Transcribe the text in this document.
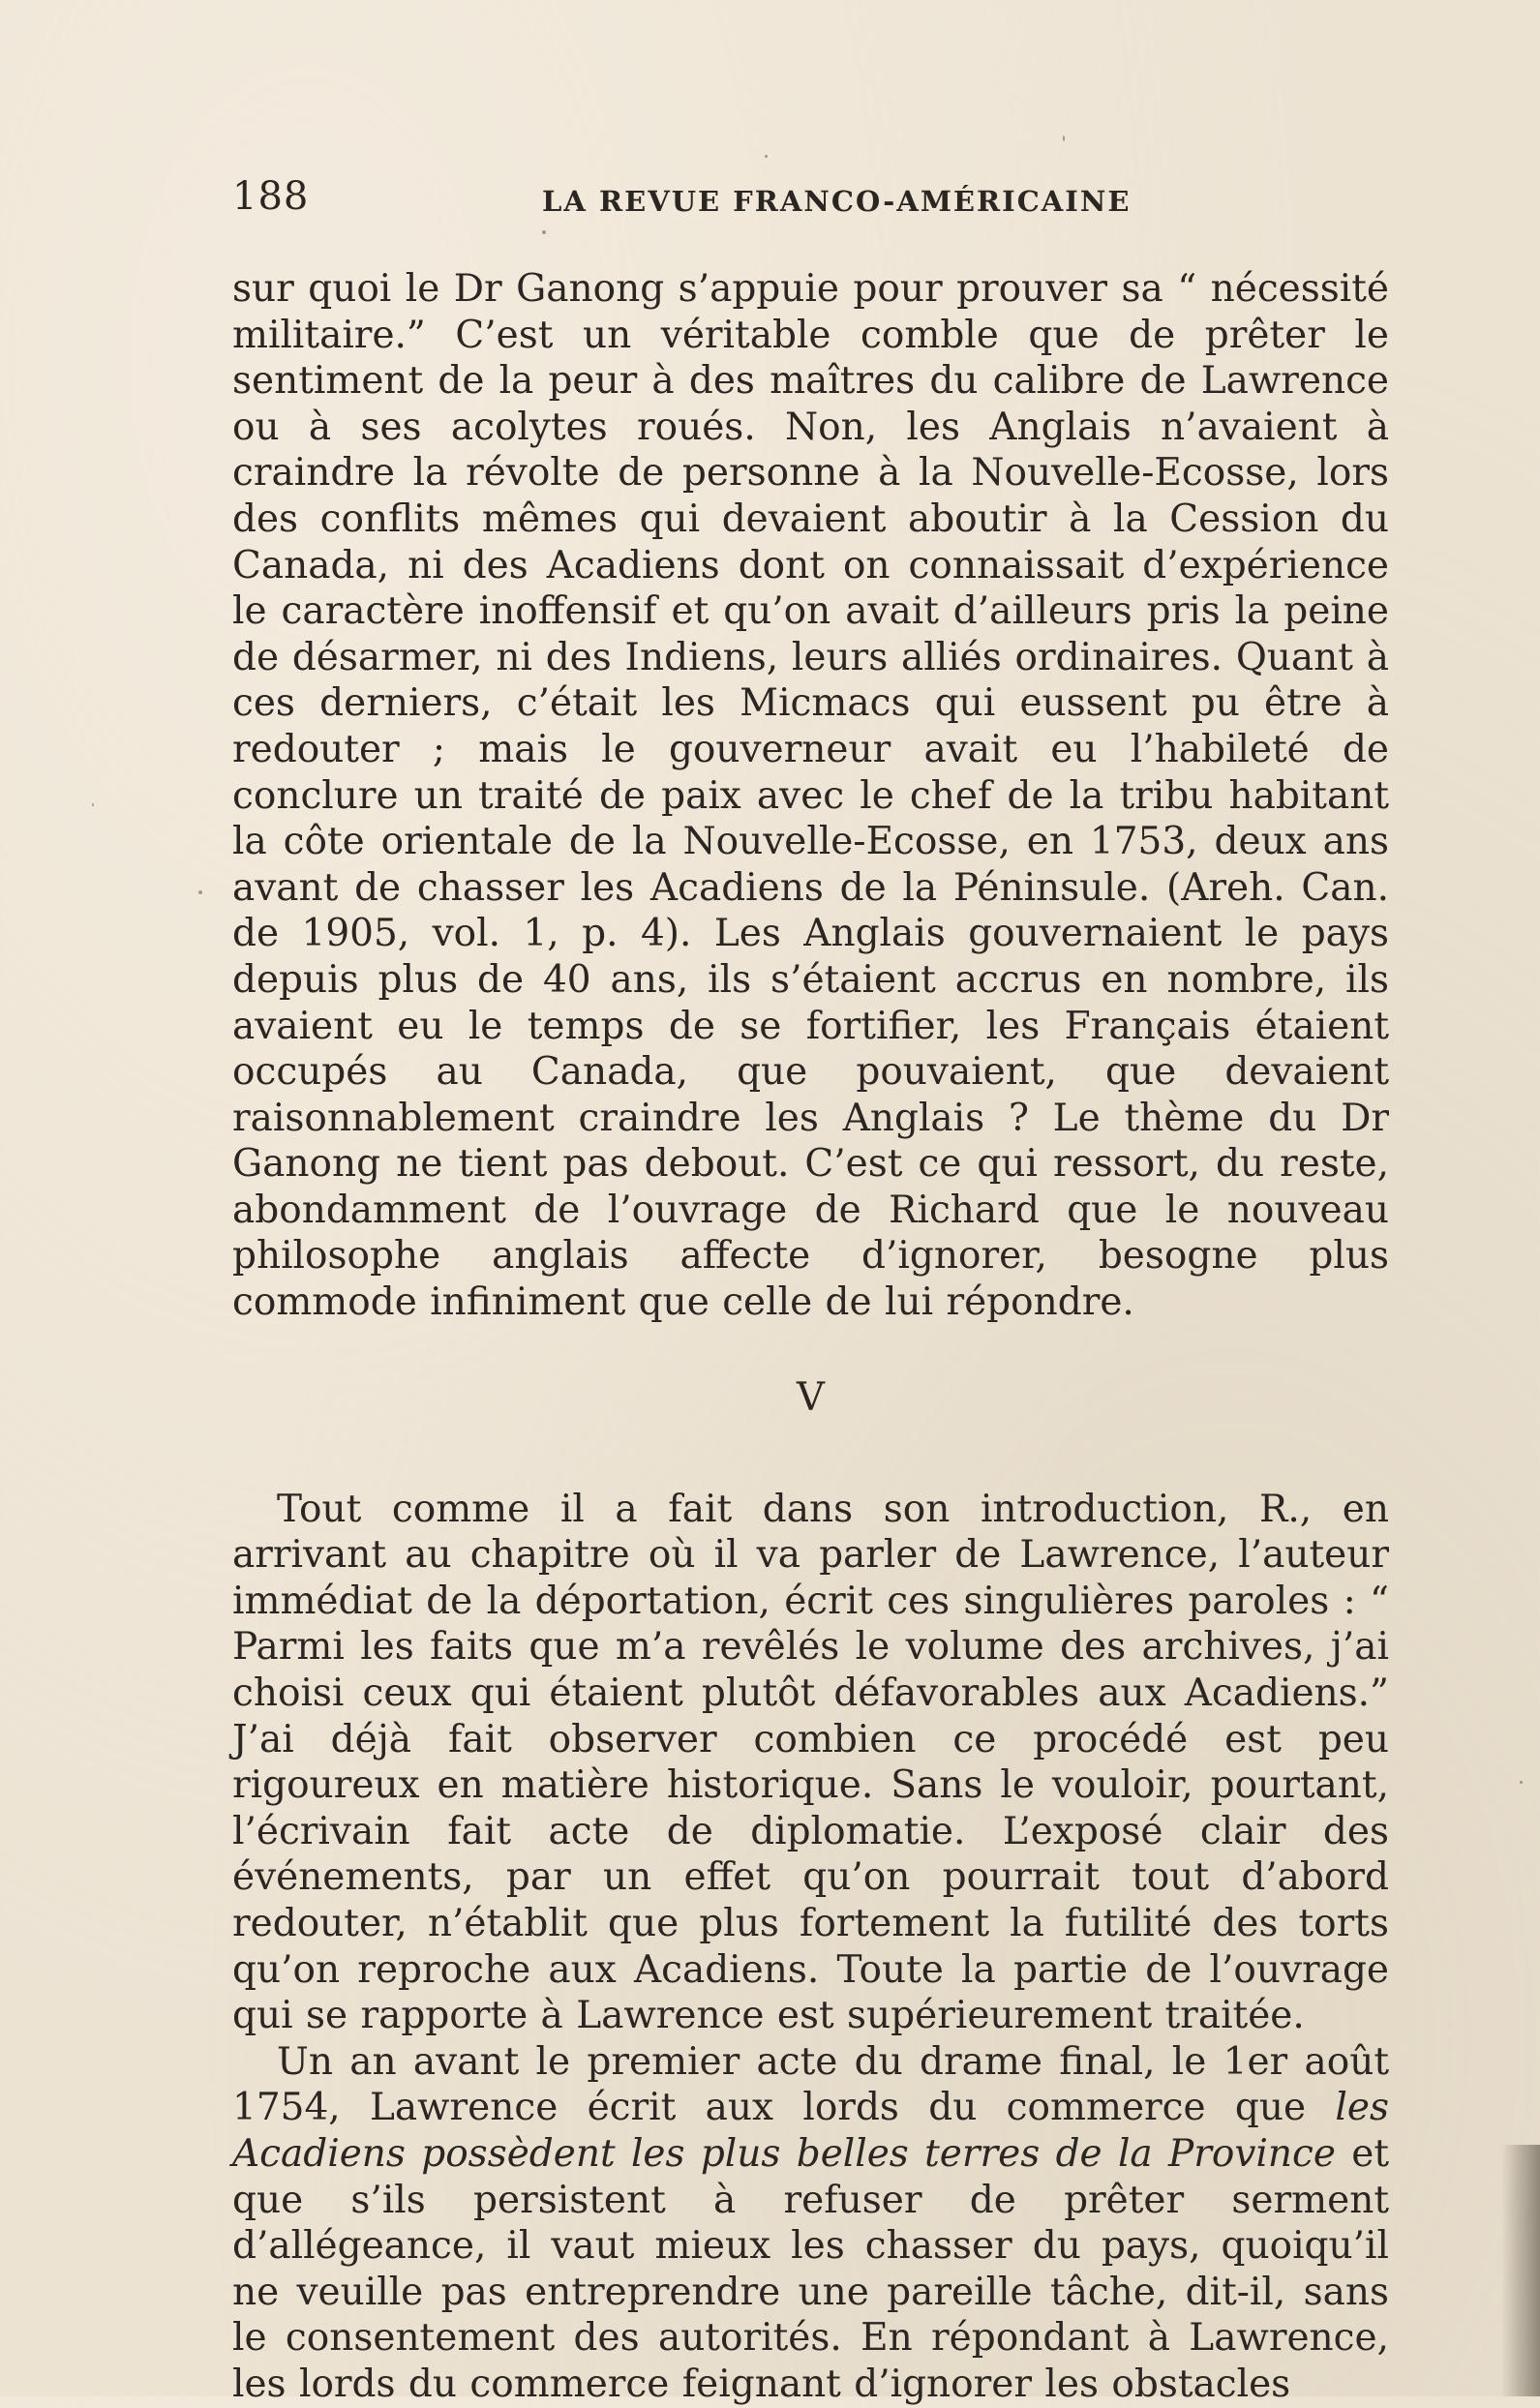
188	LA REVUE FRANCO-AMÉRICAINE

sur quoi le Dr Ganong s’appuie pour prouver sa “ nécessité militaire.” C’est un véritable comble que de prêter le sentiment de la peur à des maîtres du calibre de Lawrence ou à ses acolytes roués. Non, les Anglais n’avaient à craindre la révolte de personne à la Nouvelle-Ecosse, lors des conflits mêmes qui devaient aboutir à la Cession du Canada, ni des Acadiens dont on connaissait d’expérience le caractère inoffensif et qu’on avait d’ailleurs pris la peine de désarmer, ni des Indiens, leurs alliés ordinaires. Quant à ces derniers, c’était les Micmacs qui eussent pu être à redouter ; mais le gouverneur avait eu l’habileté de conclure un traité de paix avec le chef de la tribu habitant la côte orientale de la Nouvelle-Ecosse, en 1753, deux ans avant de chasser les Acadiens de la Péninsule. (Areh. Can. de 1905, vol. 1, p. 4). Les Anglais gouvernaient le pays depuis plus de 40 ans, ils s’étaient accrus en nombre, ils avaient eu le temps de se fortifier, les Français étaient occupés au Canada, que pouvaient, que devaient raisonnablement craindre les Anglais ? Le thème du Dr Ganong ne tient pas debout. C’est ce qui ressort, du reste, abondamment de l’ouvrage de Richard que le nouveau philosophe anglais affecte d’ignorer, besogne plus commode infiniment que celle de lui répondre.

V

Tout comme il a fait dans son introduction, R., en arrivant au chapitre où il va parler de Lawrence, l’auteur immédiat de la déportation, écrit ces singulières paroles : “ Parmi les faits que m’a revêlés le volume des archives, j’ai choisi ceux qui étaient plutôt défavorables aux Acadiens.” J’ai déjà fait observer combien ce procédé est peu rigoureux en matière historique. Sans le vouloir, pourtant, l’écrivain fait acte de diplomatie. L’exposé clair des événements, par un effet qu’on pourrait tout d’abord redouter, n’établit que plus fortement la futilité des torts qu’on reproche aux Acadiens. Toute la partie de l’ouvrage qui se rapporte à Lawrence est supérieurement traitée.

Un an avant le premier acte du drame final, le 1er août 1754, Lawrence écrit aux lords du commerce que les Acadiens possèdent les plus belles terres de la Province et que s’ils persistent à refuser de prêter serment d’allégeance, il vaut mieux les chasser du pays, quoiqu’il ne veuille pas entreprendre une pareille tâche, dit-il, sans le consentement des autorités. En répondant à Lawrence, les lords du commerce feignant d’ignorer les obstacles
